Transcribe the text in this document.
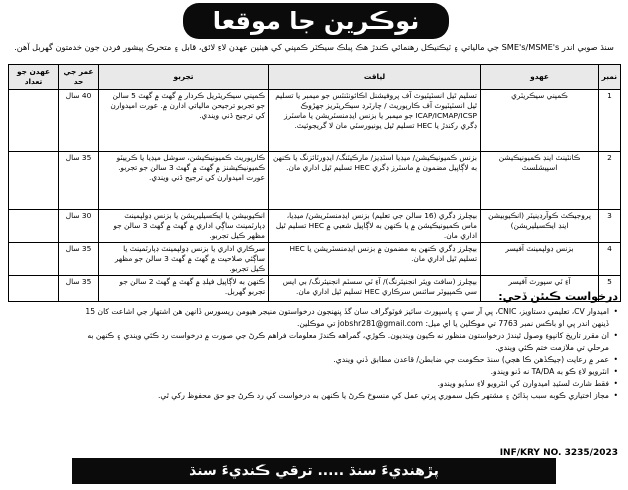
نوڪرين جا موقعا
سنڌ صوبي اندر SME's/MSME's جي مالياتي ۽ ٽيڪنيڪل رهنمائي ڪندڙ هڪ پبلڪ سيڪٽر ڪمپني کي هيٺين عهدن لاءِ لائق، قابل ۽ متحرڪ پيشور فردن جون خدمتون گهربل آهن.
نمبر	عهدو	لياقت	تجربو	عمر جي حد	عهدن جو تعداد
1	ڪمپني سيڪريٽري	تسليم ٿيل انسٽيٽيوٽ آف پروفيشنل اڪائونٽنٽس جو ميمبر يا تسليم ٿيل انسٽيٽيوٽ آف ڪارپوريٽ / چارٽرڊ سيڪريٽريز جهڙوڪ ICAP/ICMAP/ICSP جو ميمبر يا بزنس ايڊمنسٽريشن يا ماسٽرز ڊگري رکندڙ يا HEC تسليم ٿيل يونيورسٽي مان لا گريجوئيٽ.	ڪمپني سيڪريٽريل ڪردار ۾ گهٽ ۾ گهٽ 5 سالن جو تجربو ترجيحن مالياتي ادارن ۾. عورت اميدوارن کي ترجيح ڏني ويندي.	40 سال	
2	ڪانٽينٽ اينڊ ڪميونيڪيشن اسپيشلسٽ	بزنس ڪميونيڪيشن/ ميڊيا اسٽڊيز/ مارڪيٽنگ/ ايڊورٽائزنگ يا ڪنهن به لاڳاپيل مضمون ۾ ماسٽرز ڊگري HEC تسليم ٿيل اداري مان.	ڪارپوريٽ ڪميونيڪيشن، سوشل ميڊيا يا ڪرييٽو ڪميونيڪيشنز ۾ گهٽ ۾ گهٽ 3 سالن جو تجربو. عورت اميدوارن کي ترجيح ڏني ويندي.	35 سال	
3	پروجيڪٽ ڪوآرڊينيٽر (انڪيوبيشن اينڊ ايڪسيليريشن)	بيچلرز ڊگري (16 سالن جي تعليم) بزنس ايڊمنسٽريشن/ ميڊيا، ماس ڪميونيڪيشن ۾ يا ڪنهن به لاڳاپيل شعبي ۾ HEC تسليم ٿيل اداري مان.	انڪيوبيشن يا ايڪسيليريشن يا بزنس ڊولپمينٽ ڊپارٽمينٽ ساڳي اداري ۾ گهٽ ۾ گهٽ 3 سالن جو مظهر ڪيل تجربو.	30 سال	
4	بزنس ڊولپمينٽ آفيسر	بيچلرز ڊگري ڪنهن به مضمون ۾ بزنس ايڊمنسٽريشن يا HEC تسليم ٿيل اداري مان.	سرڪاري اداري يا بزنس ڊولپمينٽ ڊپارٽمينٽ يا ساڳئي صلاحيت ۾ گهٽ ۾ گهٽ 3 سالن جو مظهر ڪيل تجربو.	35 سال	
5	آءِ ٽي سپورٽ آفيسر	بيچلرز (سافٽ ويئر انجنيئرنگ)/ آءِ ٽي سسٽم انجنيئرنگ/ بي ايس سي ڪمپيوٽر سائنس سرڪاري HEC تسليم ٿيل اداري مان.	ڪنهن به لاڳاپيل فيلڊ ۾ گهٽ ۾ گهٽ 2 سالن جو تجربو گهربل.	35 سال	
درخواست ڪيئن ڏجي:
• اميدوار CV، تعليمي دستاويز، CNIC، پي آر سي ۽ پاسپورٽ سائيز فوٽوگراف سان گڏ پنهنجون درخواستون منيجر هيومن ريسورس ڏانهن هن اشتهار جي اشاعت کان 15 ڏينهن اندر پي او باڪس نمبر 7763 تي موڪلين يا اي ميل: jobshr281@gmail.com تي موڪلين.
• ان مقرر تاريخ کانپوءِ وصول ٿيندڙ درخواستون منظور نه ڪيون وينديون. ڪوڙي، گمراهه ڪندڙ معلومات فراهم ڪرڻ جي صورت ۾ درخواست رد ڪئي ويندي ۽ ڪنهن به مرحلي تي ملازمت ختم ڪئي ويندي.
• عمر ۾ رعايت (جيڪڏهن ڪا هجي) سنڌ حڪومت جي ضابطن/ قاعدن مطابق ڏني ويندي.
• انٽرويو لاءِ ڪو به TA/DA نه ڏنو ويندو.
• فقط شارٽ لسٽيڊ اميدوارن کي انٽرويو لاءِ سڏيو ويندو.
• مجاز اختياري ڪوبه سبب ٻڌائڻ ۽ مشتهر ڪيل سموري ڀرتي عمل کي منسوخ ڪرڻ يا ڪنهن به درخواست کي رد ڪرڻ جو حق محفوظ رکي ٿي.
INF/KRY NO. 3235/2023
پڙهنديءَ سنڌ ..... ترقي ڪنديءَ سنڌ
